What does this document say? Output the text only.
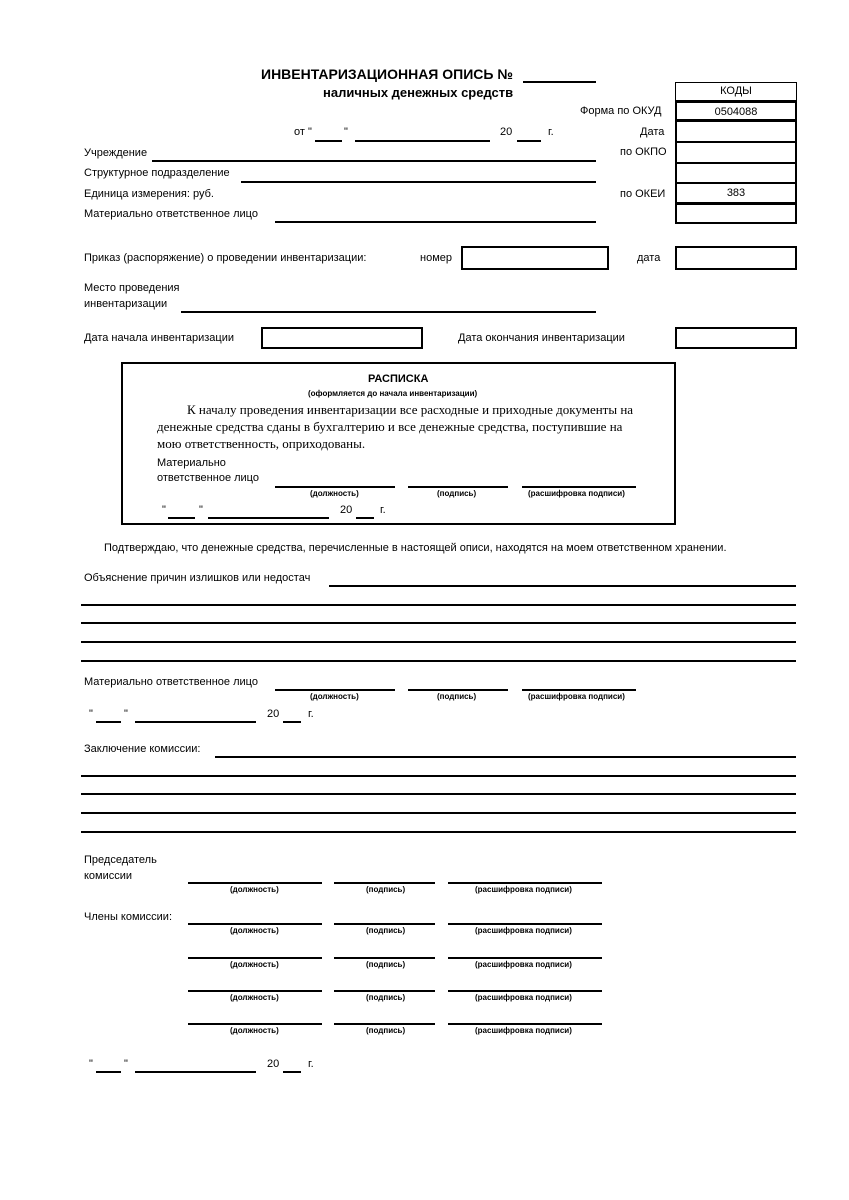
ИНВЕНТАРИЗАЦИОННАЯ ОПИСЬ №
наличных денежных средств
от "	"	20	г.
КОДЫ
Форма по ОКУД	0504088
Дата
по ОКПО
по ОКЕИ	383
Учреждение
Структурное подразделение
Единица измерения: руб.
Материально ответственное лицо
Приказ (распоряжение) о проведении инвентаризации:	номер	дата
Место проведения
инвентаризации
Дата начала инвентаризации	Дата окончания инвентаризации
РАСПИСКА
(оформляется до начала инвентаризации)
К началу проведения инвентаризации все расходные и приходные документы на
денежные средства сданы в бухгалтерию и все денежные средства, поступившие на
мою ответственность, оприходованы.
Материально
ответственное лицо
(должность)	(подпись)	(расшифровка подписи)
"	"	20	г.
Подтверждаю, что денежные средства, перечисленные в настоящей описи, находятся на моем ответственном хранении.
Объяснение причин излишков или недостач
Материально ответственное лицо
(должность)	(подпись)	(расшифровка подписи)
"	"	20	г.
Заключение комиссии:
Председатель
комиссии
(должность)	(подпись)	(расшифровка подписи)
Члены комиссии:
(должность)	(подпись)	(расшифровка подписи)
(должность)	(подпись)	(расшифровка подписи)
(должность)	(подпись)	(расшифровка подписи)
(должность)	(подпись)	(расшифровка подписи)
"	"	20	г.
